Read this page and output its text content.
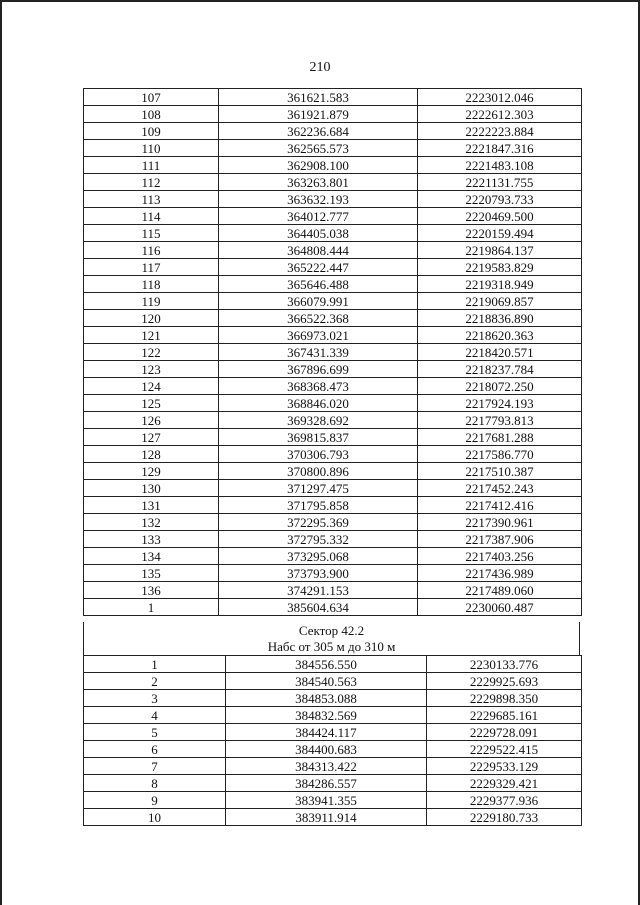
210
107	361621.583	2223012.046
108	361921.879	2222612.303
109	362236.684	2222223.884
110	362565.573	2221847.316
111	362908.100	2221483.108
112	363263.801	2221131.755
113	363632.193	2220793.733
114	364012.777	2220469.500
115	364405.038	2220159.494
116	364808.444	2219864.137
117	365222.447	2219583.829
118	365646.488	2219318.949
119	366079.991	2219069.857
120	366522.368	2218836.890
121	366973.021	2218620.363
122	367431.339	2218420.571
123	367896.699	2218237.784
124	368368.473	2218072.250
125	368846.020	2217924.193
126	369328.692	2217793.813
127	369815.837	2217681.288
128	370306.793	2217586.770
129	370800.896	2217510.387
130	371297.475	2217452.243
131	371795.858	2217412.416
132	372295.369	2217390.961
133	372795.332	2217387.906
134	373295.068	2217403.256
135	373793.900	2217436.989
136	374291.153	2217489.060
1	385604.634	2230060.487
Сектор 42.2
Набс от 305 м до 310 м
1	384556.550	2230133.776
2	384540.563	2229925.693
3	384853.088	2229898.350
4	384832.569	2229685.161
5	384424.117	2229728.091
6	384400.683	2229522.415
7	384313.422	2229533.129
8	384286.557	2229329.421
9	383941.355	2229377.936
10	383911.914	2229180.733
